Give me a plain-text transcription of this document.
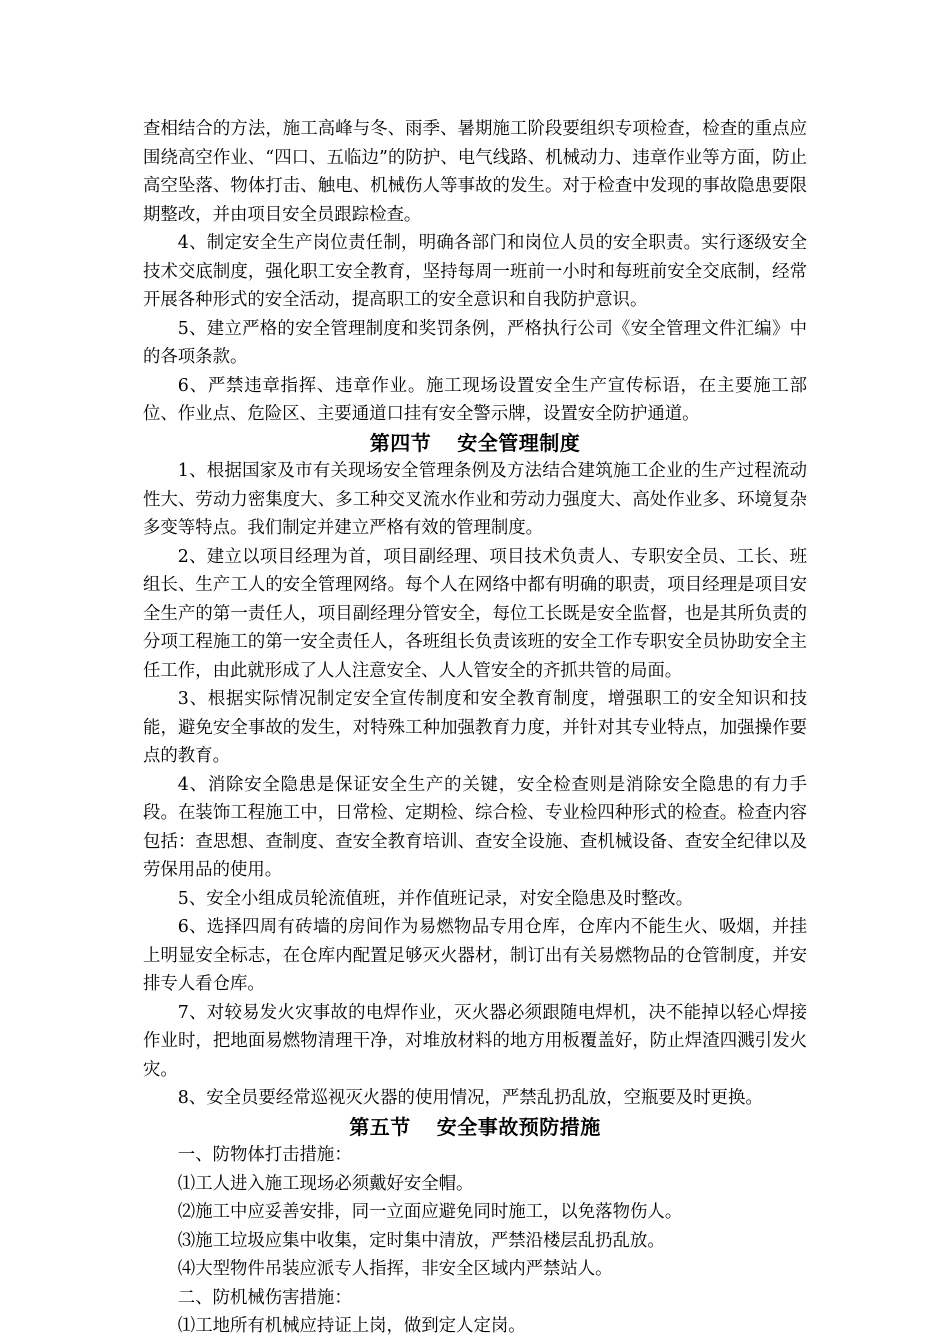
查相结合的方法，施工高峰与冬、雨季、暑期施工阶段要组织专项检查，检查的重点应围绕高空作业、“四口、五临边”的防护、电气线路、机械动力、违章作业等方面，防止高空坠落、物体打击、触电、机械伤人等事故的发生。对于检查中发现的事故隐患要限期整改，并由项目安全员跟踪检查。

4、制定安全生产岗位责任制，明确各部门和岗位人员的安全职责。实行逐级安全技术交底制度，强化职工安全教育，坚持每周一班前一小时和每班前安全交底制，经常开展各种形式的安全活动，提高职工的安全意识和自我防护意识。

5、建立严格的安全管理制度和奖罚条例，严格执行公司《安全管理文件汇编》中的各项条款。

6、严禁违章指挥、违章作业。施工现场设置安全生产宣传标语，在主要施工部位、作业点、危险区、主要通道口挂有安全警示牌，设置安全防护通道。

第四节 安全管理制度

1、根据国家及市有关现场安全管理条例及方法结合建筑施工企业的生产过程流动性大、劳动力密集度大、多工种交叉流水作业和劳动力强度大、高处作业多、环境复杂多变等特点。我们制定并建立严格有效的管理制度。

2、建立以项目经理为首，项目副经理、项目技术负责人、专职安全员、工长、班组长、生产工人的安全管理网络。每个人在网络中都有明确的职责，项目经理是项目安全生产的第一责任人，项目副经理分管安全，每位工长既是安全监督，也是其所负责的分项工程施工的第一安全责任人，各班组长负责该班的安全工作专职安全员协助安全主任工作，由此就形成了人人注意安全、人人管安全的齐抓共管的局面。

3、根据实际情况制定安全宣传制度和安全教育制度，增强职工的安全知识和技能，避免安全事故的发生，对特殊工种加强教育力度，并针对其专业特点，加强操作要点的教育。

4、消除安全隐患是保证安全生产的关键，安全检查则是消除安全隐患的有力手段。在装饰工程施工中，日常检、定期检、综合检、专业检四种形式的检查。检查内容包括：查思想、查制度、查安全教育培训、查安全设施、查机械设备、查安全纪律以及劳保用品的使用。

5、安全小组成员轮流值班，并作值班记录，对安全隐患及时整改。

6、选择四周有砖墙的房间作为易燃物品专用仓库，仓库内不能生火、吸烟，并挂上明显安全标志，在仓库内配置足够灭火器材，制订出有关易燃物品的仓管制度，并安排专人看仓库。

7、对较易发火灾事故的电焊作业，灭火器必须跟随电焊机，决不能掉以轻心焊接作业时，把地面易燃物清理干净，对堆放材料的地方用板覆盖好，防止焊渣四溅引发火灾。

8、安全员要经常巡视灭火器的使用情况，严禁乱扔乱放，空瓶要及时更换。

第五节 安全事故预防措施

一、防物体打击措施：

⑴工人进入施工现场必须戴好安全帽。

⑵施工中应妥善安排，同一立面应避免同时施工，以免落物伤人。

⑶施工垃圾应集中收集，定时集中清放，严禁沿楼层乱扔乱放。

⑷大型物件吊装应派专人指挥，非安全区域内严禁站人。

二、防机械伤害措施：

⑴工地所有机械应持证上岗，做到定人定岗。
